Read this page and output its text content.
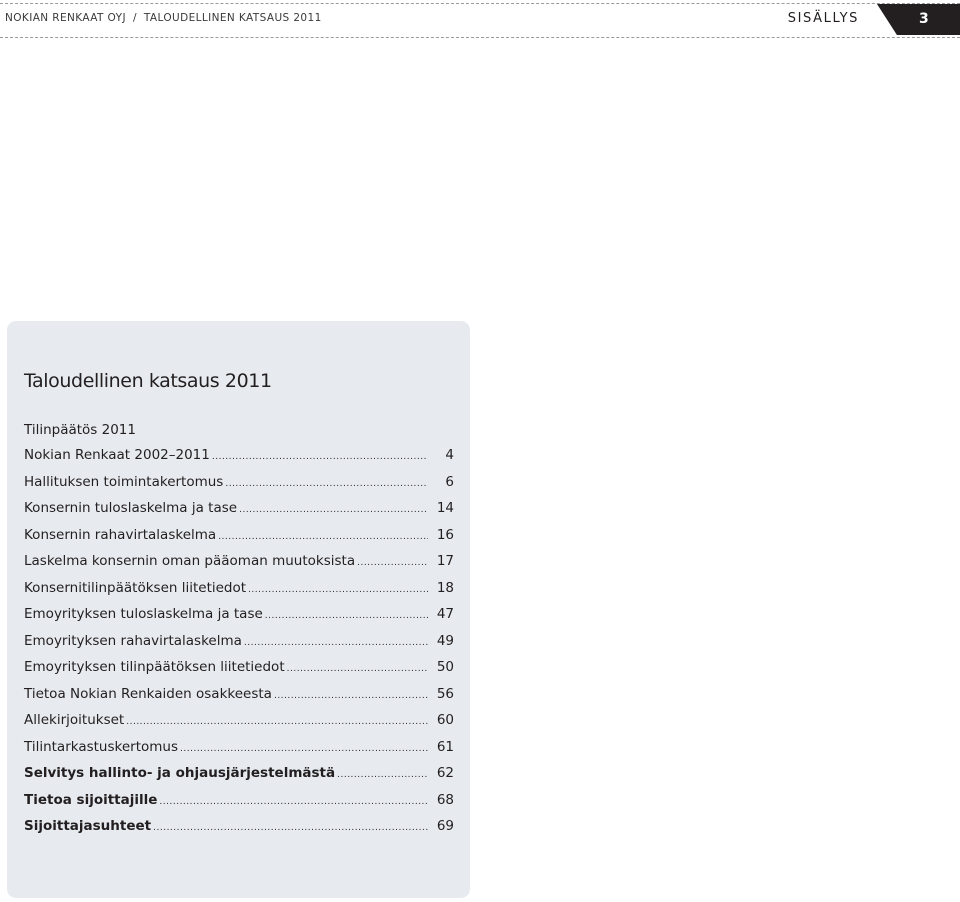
NOKIAN RENKAAT OYJ / TALOUDELLINEN KATSAUS 2011	SISÄLLYS	3
Taloudellinen katsaus 2011
Tilinpäätös 2011
Nokian Renkaat 2002–2011 .....	4
Hallituksen toimintakertomus .....	6
Konsernin tuloslaskelma ja tase .....	14
Konsernin rahavirtalaskelma .....	16
Laskelma konsernin oman pääoman muutoksista .....	17
Konsernitilinpäätöksen liitetiedot .....	18
Emoyrityksen tuloslaskelma ja tase .....	47
Emoyrityksen rahavirtalaskelma .....	49
Emoyrityksen tilinpäätöksen liitetiedot .....	50
Tietoa Nokian Renkaiden osakkeesta .....	56
Allekirjoitukset .....	60
Tilintarkastuskertomus .....	61
Selvitys hallinto- ja ohjausjärjestelmästä .....	62
Tietoa sijoittajille .....	68
Sijoittajasuhteet .....	69
